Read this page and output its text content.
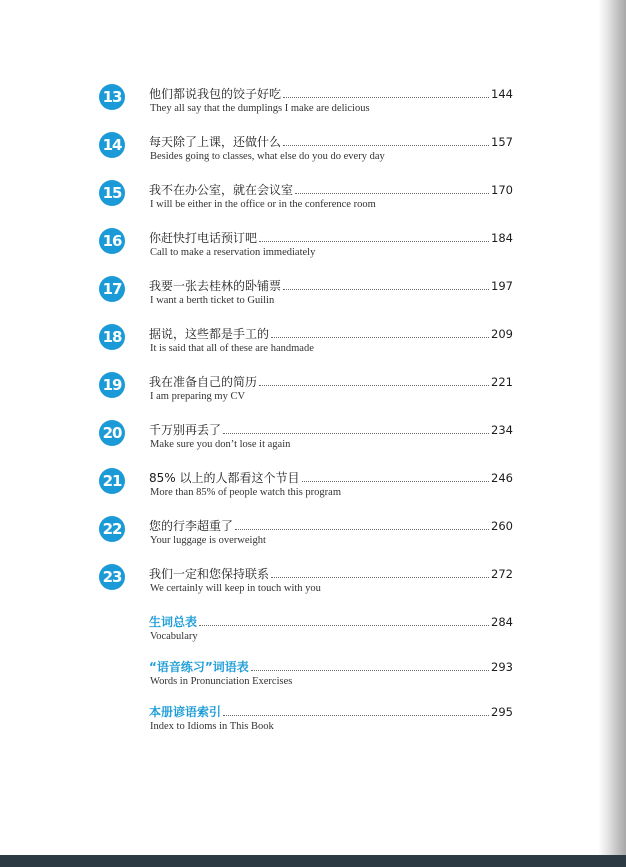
13 他们都说我包的饺子好吃	144
They all say that the dumplings I make are delicious
14 每天除了上课，还做什么	157
Besides going to classes, what else do you do every day
15 我不在办公室，就在会议室	170
I will be either in the office or in the conference room
16 你赶快打电话预订吧	184
Call to make a reservation immediately
17 我要一张去桂林的卧铺票	197
I want a berth ticket to Guilin
18 据说，这些都是手工的	209
It is said that all of these are handmade
19 我在准备自己的简历	221
I am preparing my CV
20 千万别再丢了	234
Make sure you don’t lose it again
21 85% 以上的人都看这个节目	246
More than 85% of people watch this program
22 您的行李超重了	260
Your luggage is overweight
23 我们一定和您保持联系	272
We certainly will keep in touch with you
生词总表	284
Vocabulary
“语音练习”词语表	293
Words in Pronunciation Exercises
本册谚语索引	295
Index to Idioms in This Book
